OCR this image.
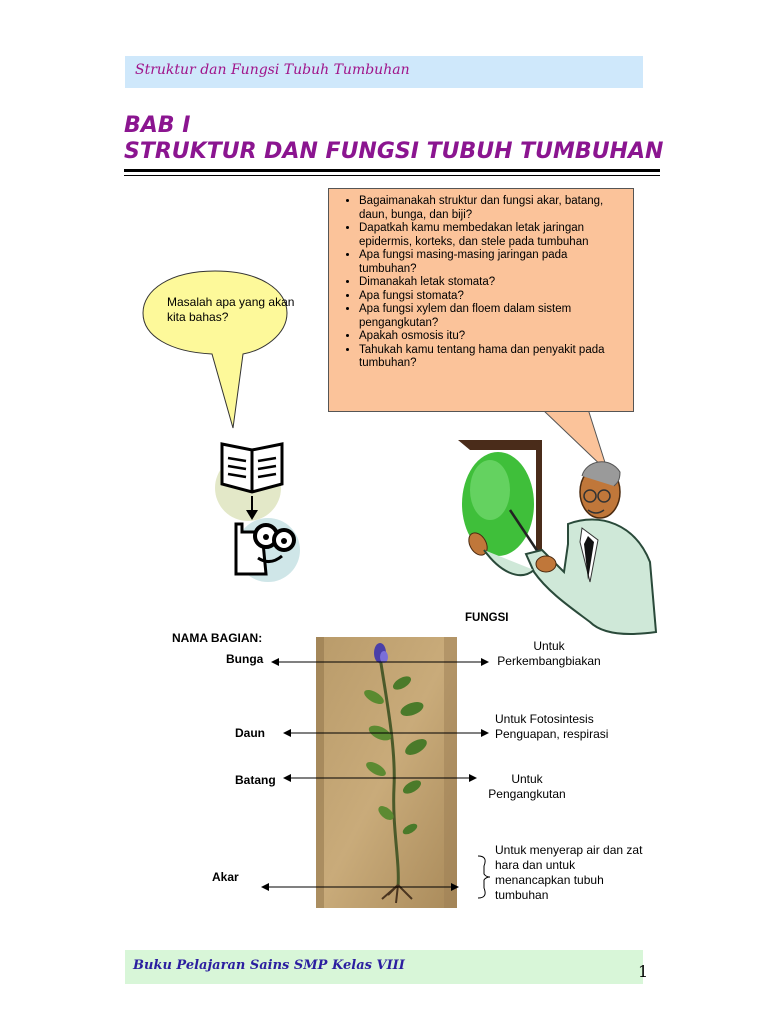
Struktur dan Fungsi Tubuh Tumbuhan
BAB I
STRUKTUR DAN FUNGSI TUBUH TUMBUHAN
Masalah apa yang akan kita bahas?
• Bagaimanakah struktur dan fungsi akar, batang, daun, bunga, dan biji?
• Dapatkah kamu membedakan letak jaringan epidermis, korteks, dan stele pada tumbuhan
• Apa fungsi masing-masing jaringan pada tumbuhan?
• Dimanakah letak stomata?
• Apa fungsi stomata?
• Apa fungsi xylem dan floem dalam sistem pengangkutan?
• Apakah osmosis itu?
• Tahukah kamu tentang hama dan penyakit pada tumbuhan?
FUNGSI
NAMA BAGIAN:
Bunga
Daun
Batang
Akar
Untuk
Perkembangbiakan
Untuk Fotosintesis
Penguapan, respirasi
Untuk
Pengangkutan
Untuk menyerap air dan zat
hara dan untuk
menancapkan tubuh
tumbuhan
Buku Pelajaran Sains SMP Kelas VIII	1
